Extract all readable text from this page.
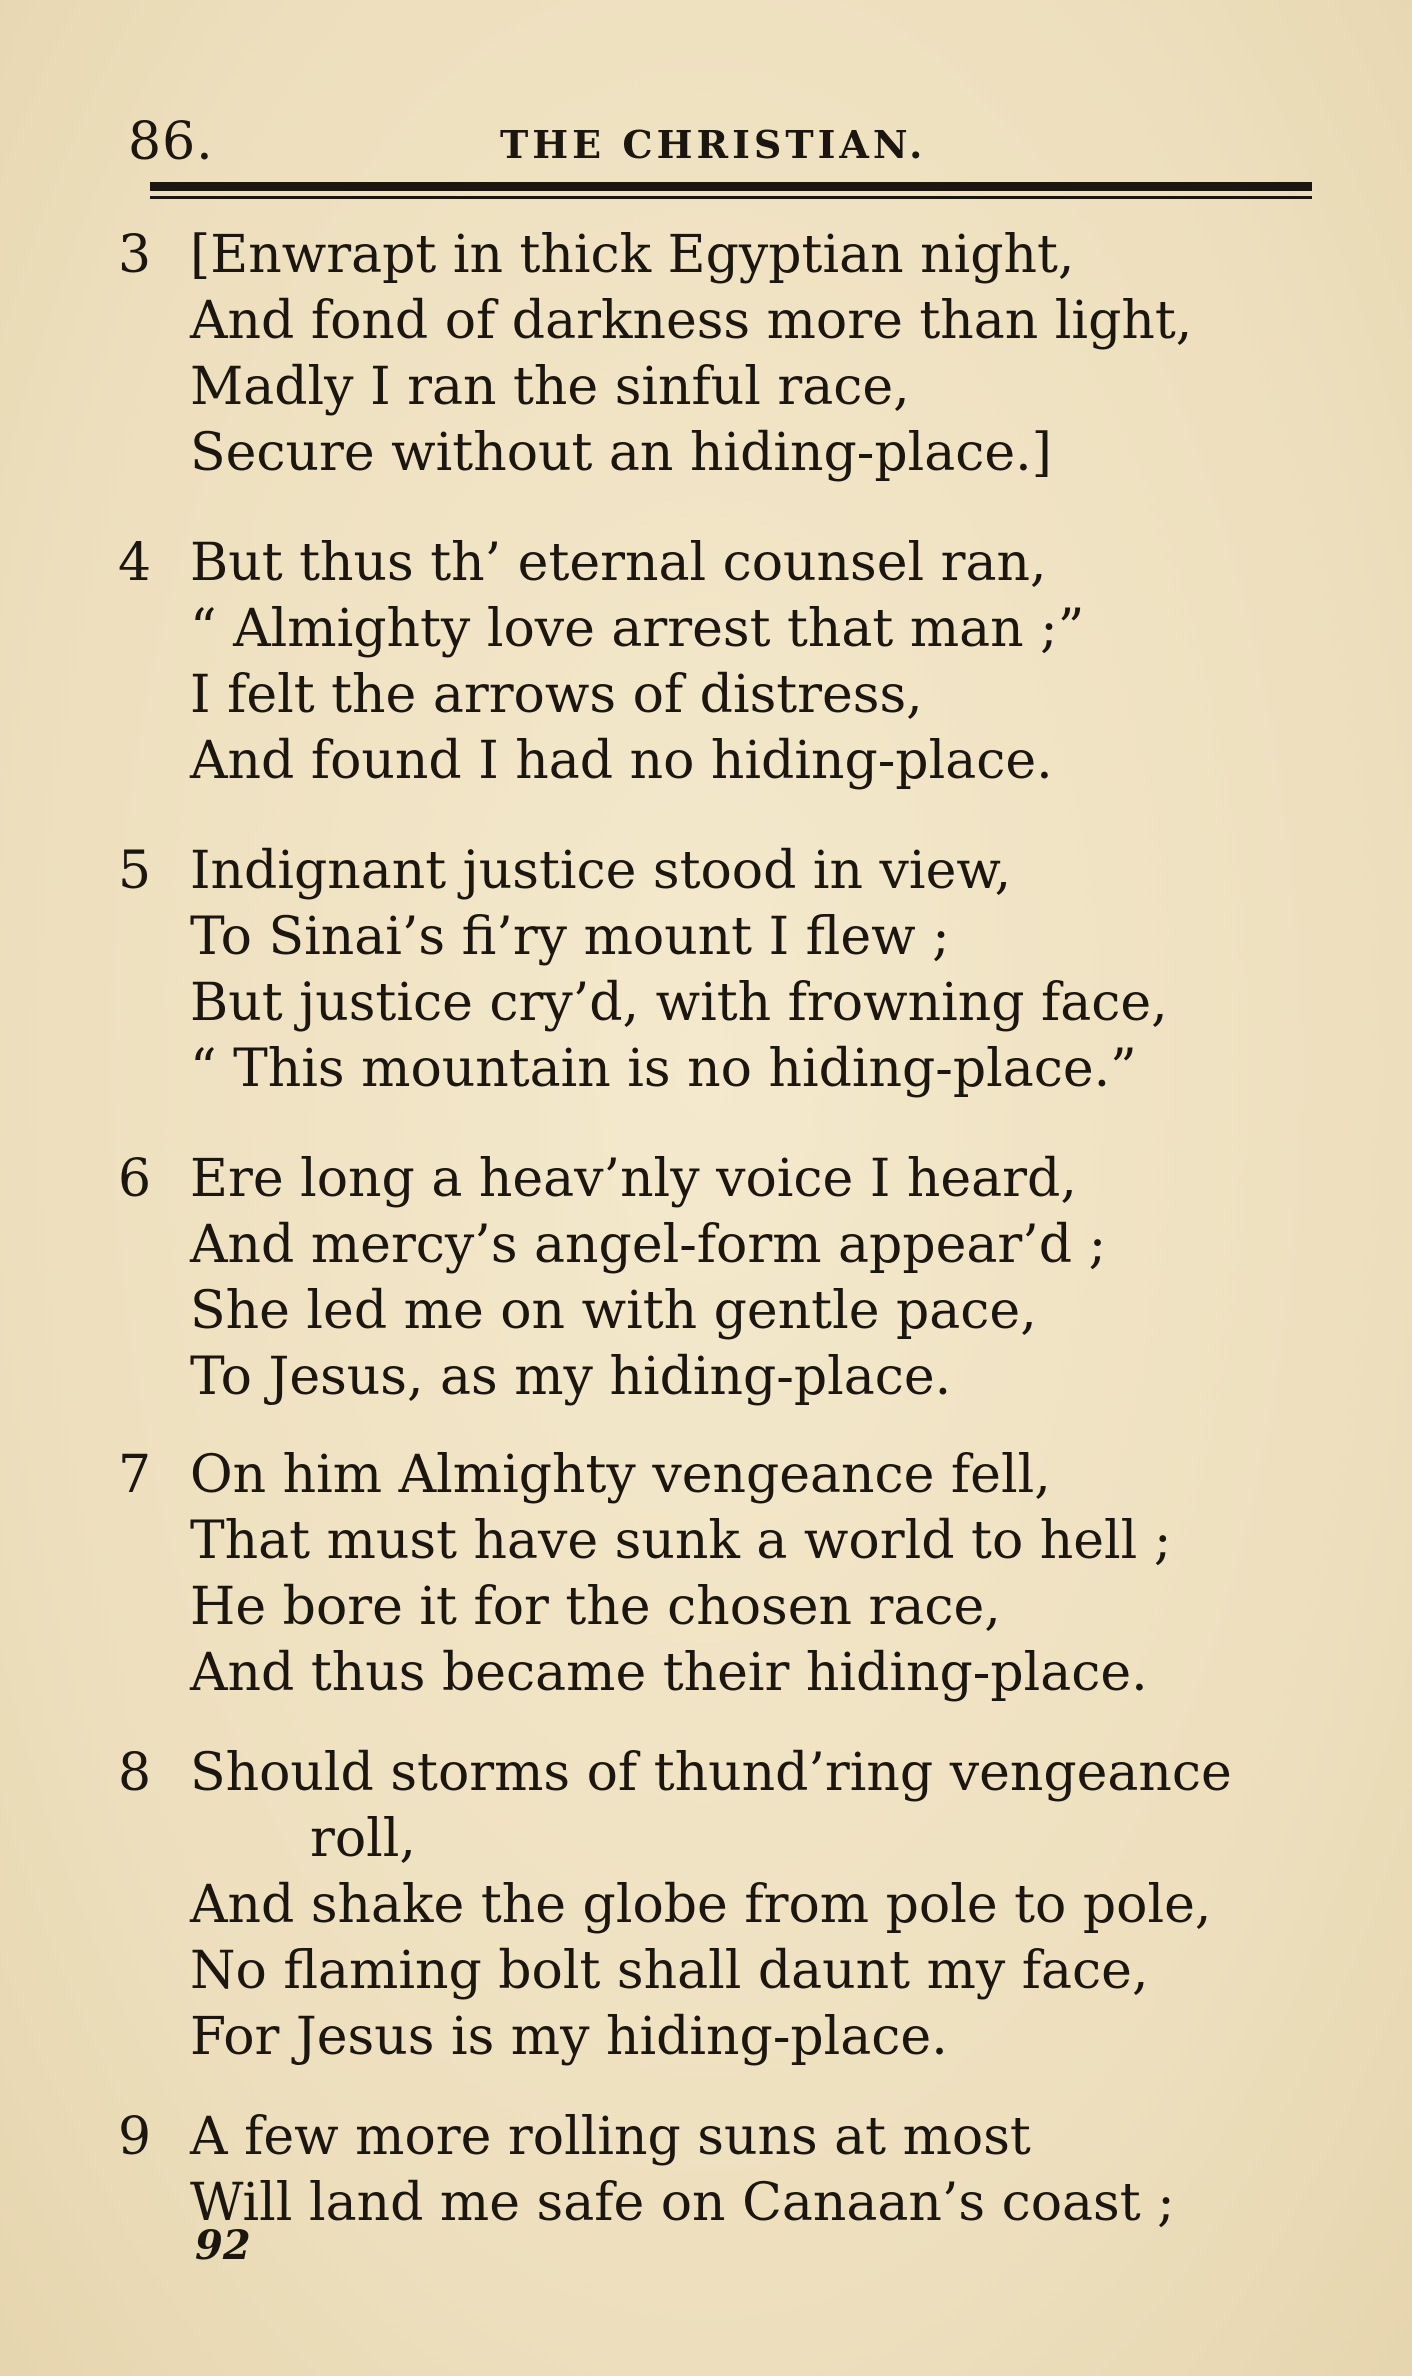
86.	THE CHRISTIAN.
3 [Enwrapt in thick Egyptian night,
And fond of darkness more than light,
Madly I ran the sinful race,
Secure without an hiding-place.]
4 But thus th’ eternal counsel ran,
“ Almighty love arrest that man ;”
I felt the arrows of distress,
And found I had no hiding-place.
5 Indignant justice stood in view,
To Sinai’s fi’ry mount I flew ;
But justice cry’d, with frowning face,
“ This mountain is no hiding-place.”
6 Ere long a heav’nly voice I heard,
And mercy’s angel-form appear’d ;
She led me on with gentle pace,
To Jesus, as my hiding-place.
7 On him Almighty vengeance fell,
That must have sunk a world to hell ;
He bore it for the chosen race,
And thus became their hiding-place.
8 Should storms of thund’ring vengeance
roll,
And shake the globe from pole to pole,
No flaming bolt shall daunt my face,
For Jesus is my hiding-place.
9 A few more rolling suns at most
Will land me safe on Canaan’s coast ;
92
